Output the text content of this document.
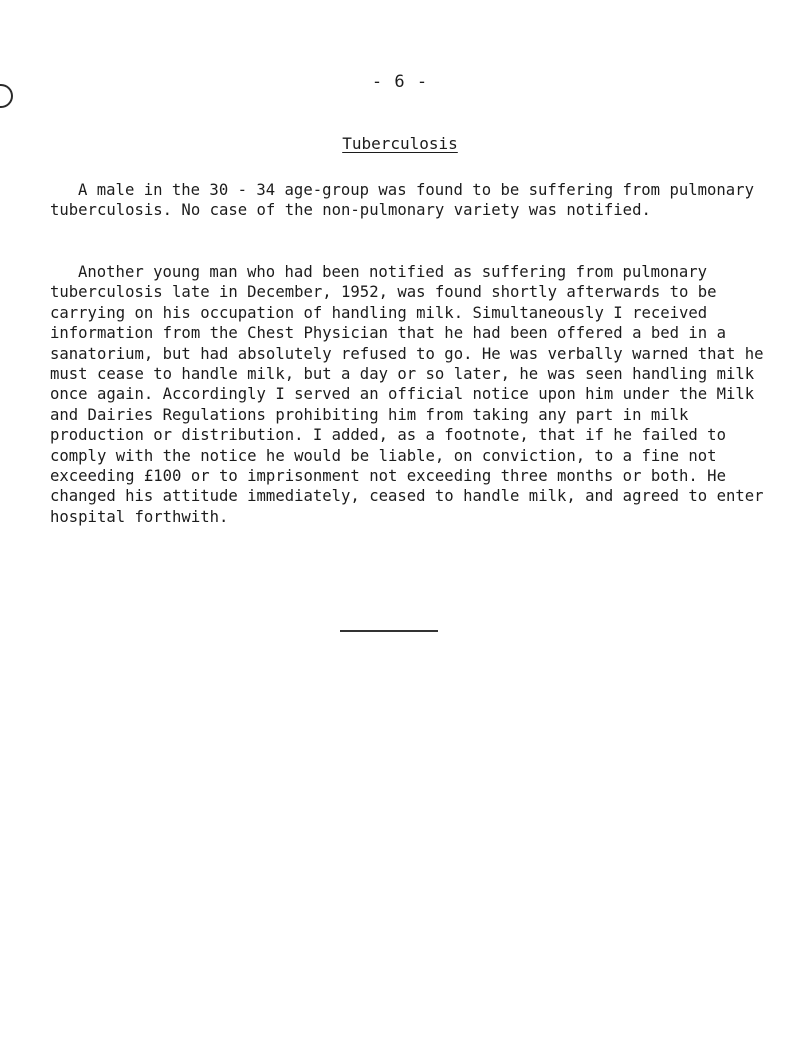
- 6 -
Tuberculosis

A male in the 30 - 34 age-group was found to be suffering from pulmonary tuberculosis. No case of the non-pulmonary variety was notified.

Another young man who had been notified as suffering from pulmonary tuberculosis late in December, 1952, was found shortly afterwards to be carrying on his occupation of handling milk. Simultaneously I received information from the Chest Physician that he had been offered a bed in a sanatorium, but had absolutely refused to go. He was verbally warned that he must cease to handle milk, but a day or so later, he was seen handling milk once again. Accordingly I served an official notice upon him under the Milk and Dairies Regulations prohibiting him from taking any part in milk production or distribution. I added, as a footnote, that if he failed to comply with the notice he would be liable, on conviction, to a fine not exceeding £100 or to imprisonment not exceeding three months or both. He changed his attitude immediately, ceased to handle milk, and agreed to enter hospital forthwith.
